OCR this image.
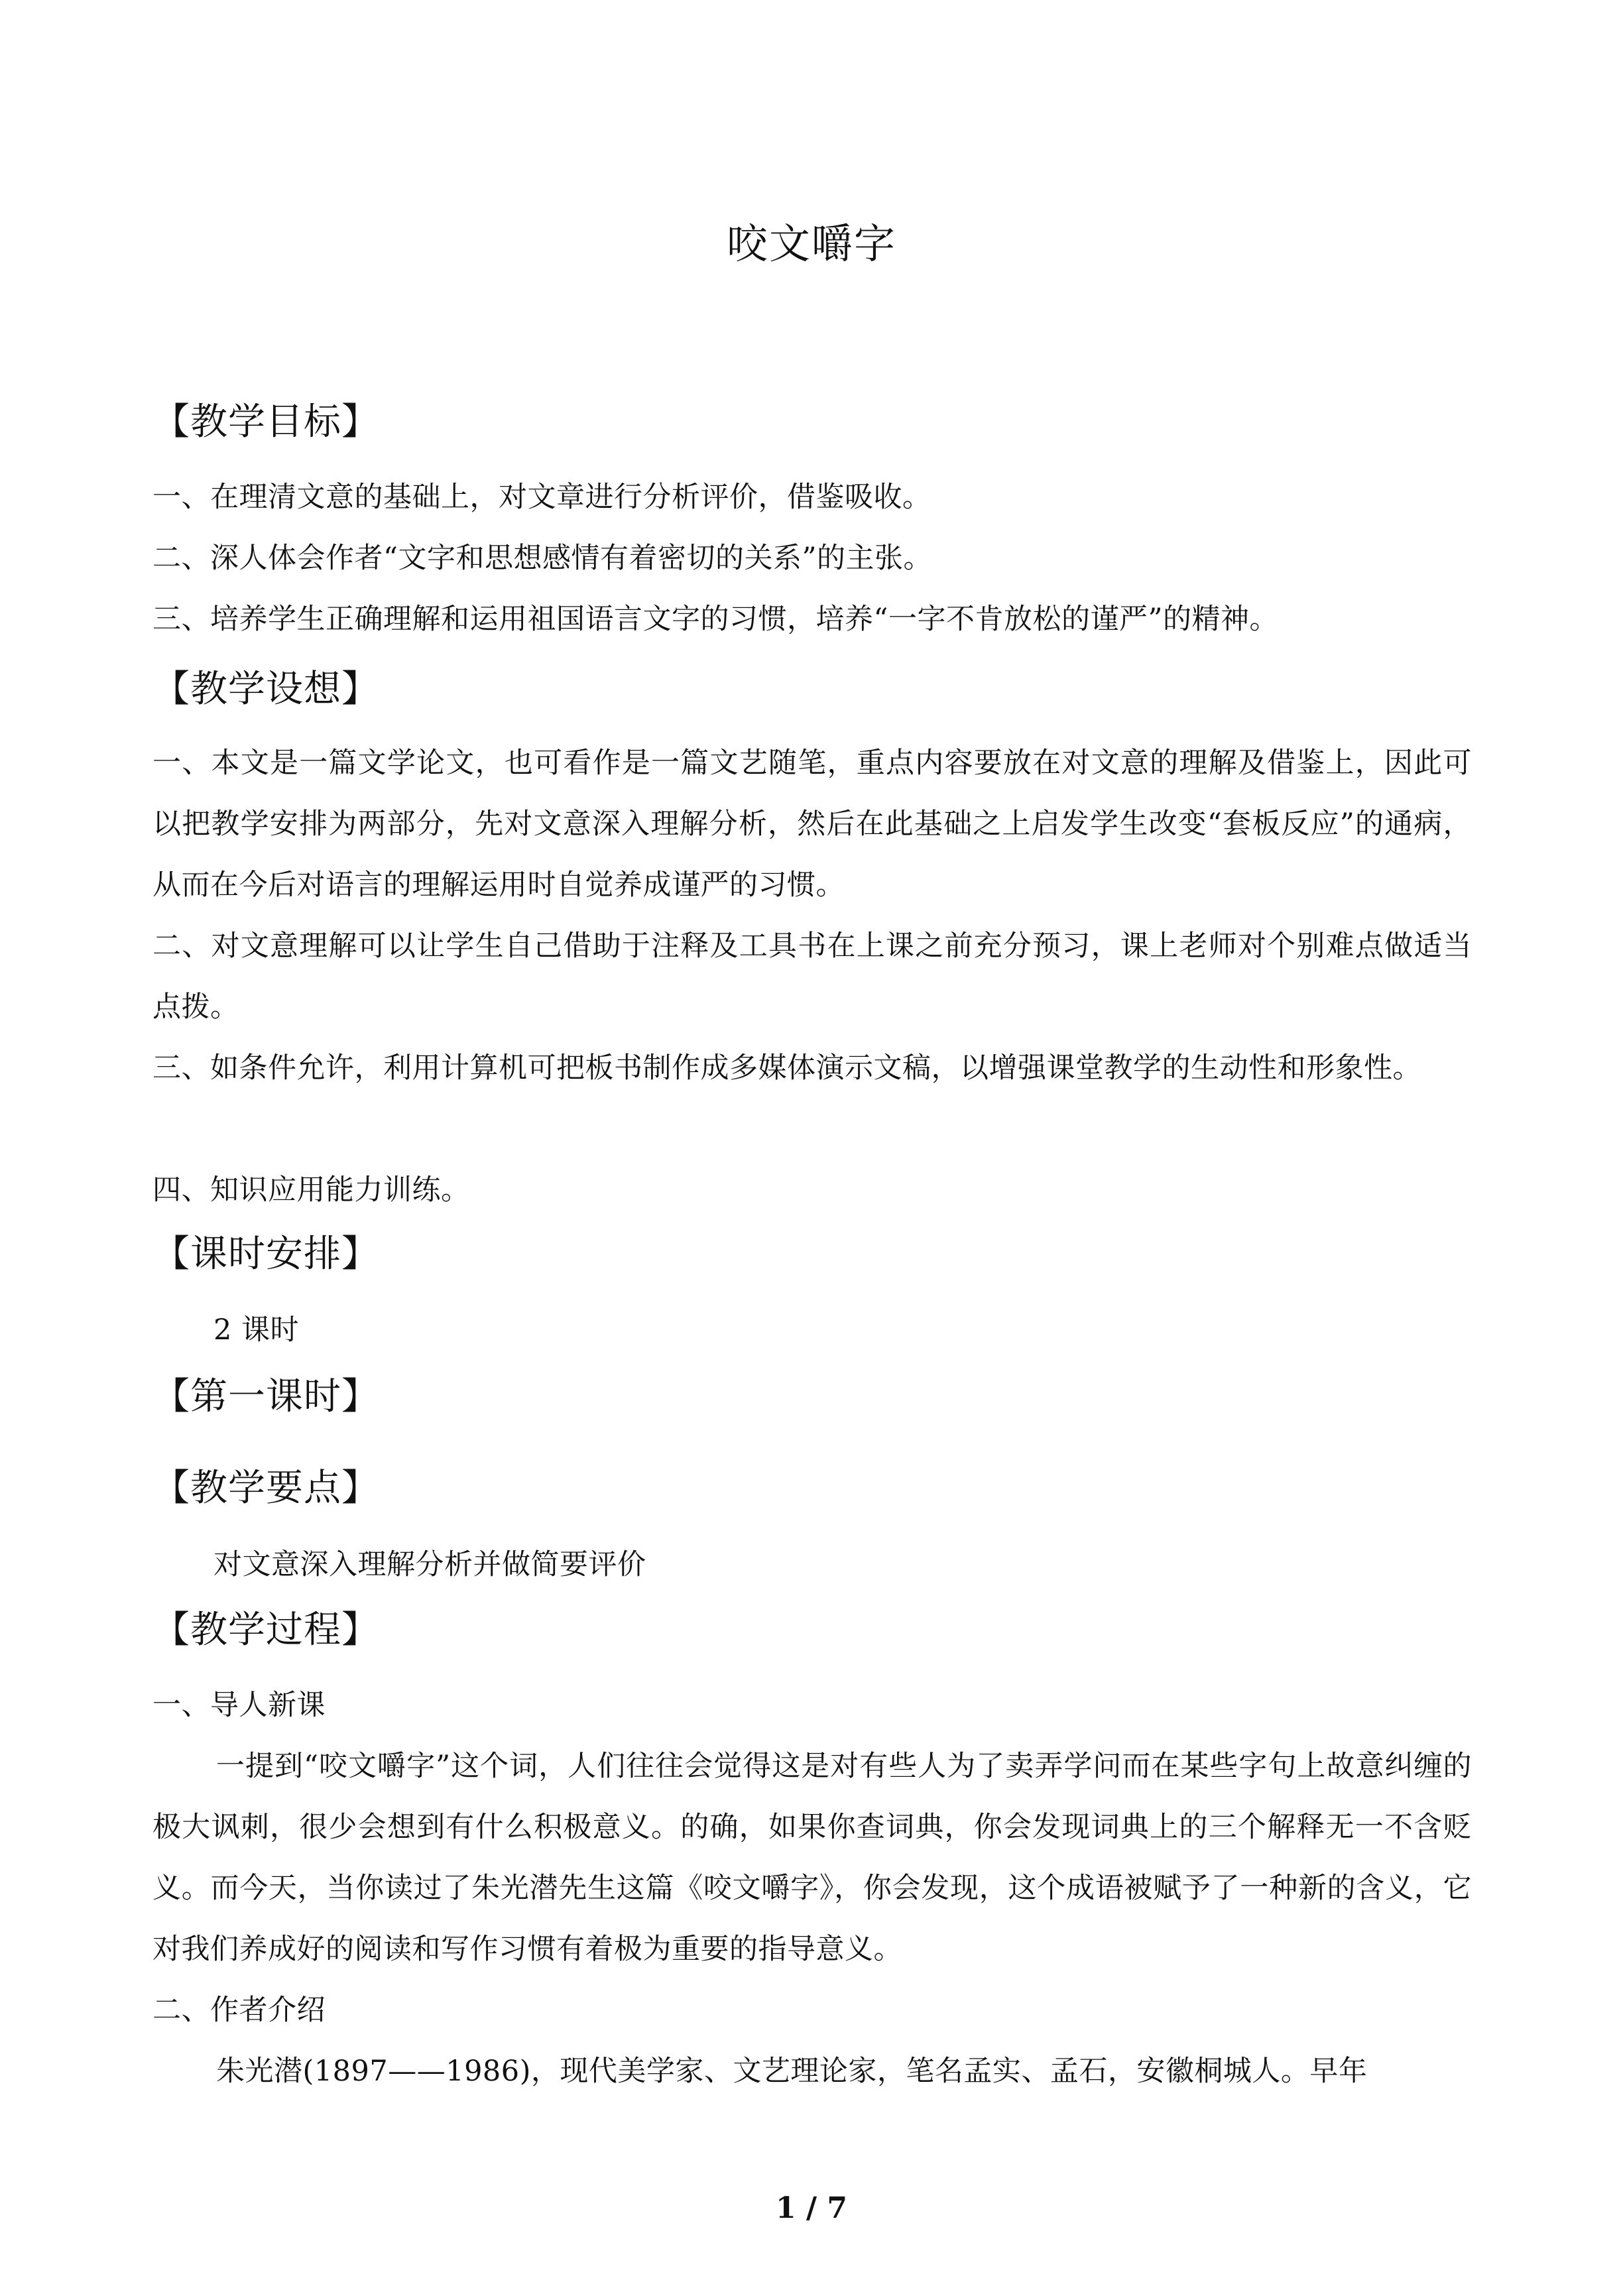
咬文嚼字
【教学目标】
一、在理清文意的基础上，对文章进行分析评价，借鉴吸收。
二、深人体会作者“文字和思想感情有着密切的关系”的主张。
三、培养学生正确理解和运用祖国语言文字的习惯，培养“一字不肯放松的谨严”的精神。
【教学设想】
一、本文是一篇文学论文，也可看作是一篇文艺随笔，重点内容要放在对文意的理解及借鉴上，因此可以把教学安排为两部分，先对文意深入理解分析，然后在此基础之上启发学生改变“套板反应”的通病，从而在今后对语言的理解运用时自觉养成谨严的习惯。
二、对文意理解可以让学生自己借助于注释及工具书在上课之前充分预习，课上老师对个别难点做适当点拨。
三、如条件允许，利用计算机可把板书制作成多媒体演示文稿，以增强课堂教学的生动性和形象性。
四、知识应用能力训练。
【课时安排】
2 课时
【第一课时】
【教学要点】
对文意深入理解分析并做简要评价
【教学过程】
一、导人新课
一提到“咬文嚼字”这个词，人们往往会觉得这是对有些人为了卖弄学问而在某些字句上故意纠缠的极大讽刺，很少会想到有什么积极意义。的确，如果你查词典，你会发现词典上的三个解释无一不含贬义。而今天，当你读过了朱光潜先生这篇《咬文嚼字》，你会发现，这个成语被赋予了一种新的含义，它对我们养成好的阅读和写作习惯有着极为重要的指导意义。
二、作者介绍
朱光潜(1897——1986)，现代美学家、文艺理论家，笔名孟实、孟石，安徽桐城人。早年
1 / 7
